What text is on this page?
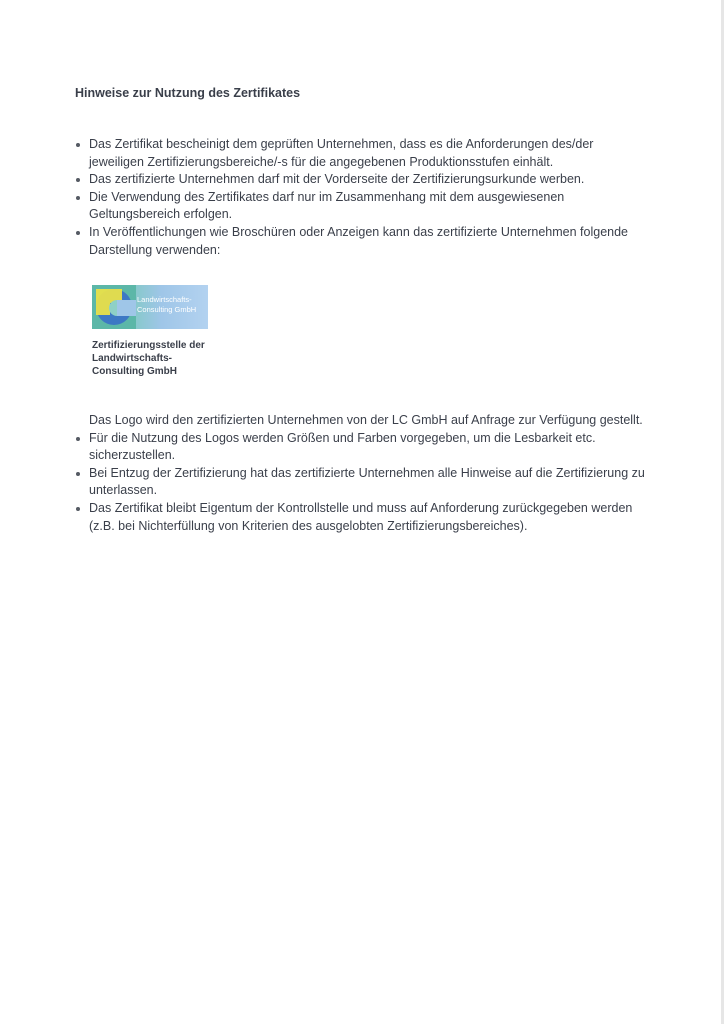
Hinweise zur Nutzung des Zertifikates
Das Zertifikat bescheinigt dem geprüften Unternehmen, dass es die Anforderungen des/der jeweiligen Zertifizierungsbereiche/-s für die angegebenen Produktionsstufen einhält.
Das zertifizierte Unternehmen darf mit der Vorderseite der Zertifizierungsurkunde werben.
Die Verwendung des Zertifikates darf nur im Zusammenhang mit dem ausgewiesenen Geltungsbereich erfolgen.
In Veröffentlichungen wie Broschüren oder Anzeigen kann das zertifizierte Unternehmen folgende Darstellung verwenden:
Landwirtschafts-
Consulting GmbH
Zertifizierungsstelle der Landwirtschafts-Consulting GmbH
Das Logo wird den zertifizierten Unternehmen von der LC GmbH auf Anfrage zur Verfügung gestellt.
Für die Nutzung des Logos werden Größen und Farben vorgegeben, um die Lesbarkeit etc. sicherzustellen.
Bei Entzug der Zertifizierung hat das zertifizierte Unternehmen alle Hinweise auf die Zertifizierung zu unterlassen.
Das Zertifikat bleibt Eigentum der Kontrollstelle und muss auf Anforderung zurückgegeben werden (z.B. bei Nichterfüllung von Kriterien des ausgelobten Zertifizierungsbereiches).
